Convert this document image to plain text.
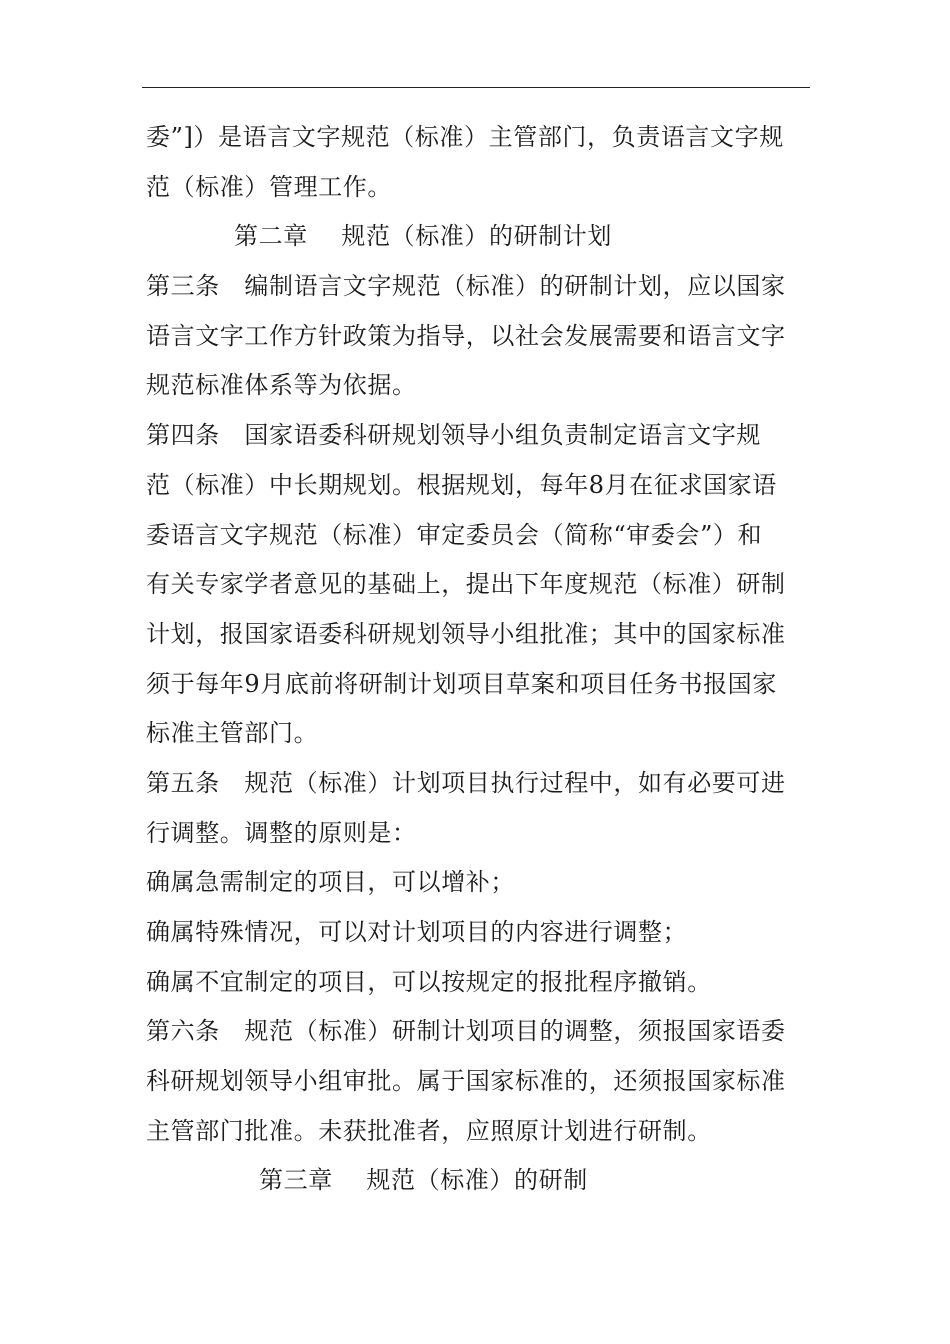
委”]）是语言文字规范（标准）主管部门，负责语言文字规
范（标准）管理工作。
第二章 规范（标准）的研制计划
第三条　编制语言文字规范（标准）的研制计划，应以国家
语言文字工作方针政策为指导，以社会发展需要和语言文字
规范标准体系等为依据。
第四条　国家语委科研规划领导小组负责制定语言文字规
范（标准）中长期规划。根据规划，每年8月在征求国家语
委语言文字规范（标准）审定委员会（简称“审委会”）和
有关专家学者意见的基础上，提出下年度规范（标准）研制
计划，报国家语委科研规划领导小组批准；其中的国家标准
须于每年9月底前将研制计划项目草案和项目任务书报国家
标准主管部门。
第五条　规范（标准）计划项目执行过程中，如有必要可进
行调整。调整的原则是：
确属急需制定的项目，可以增补；
确属特殊情况，可以对计划项目的内容进行调整；
确属不宜制定的项目，可以按规定的报批程序撤销。
第六条　规范（标准）研制计划项目的调整，须报国家语委
科研规划领导小组审批。属于国家标准的，还须报国家标准
主管部门批准。未获批准者，应照原计划进行研制。
第三章 规范（标准）的研制
